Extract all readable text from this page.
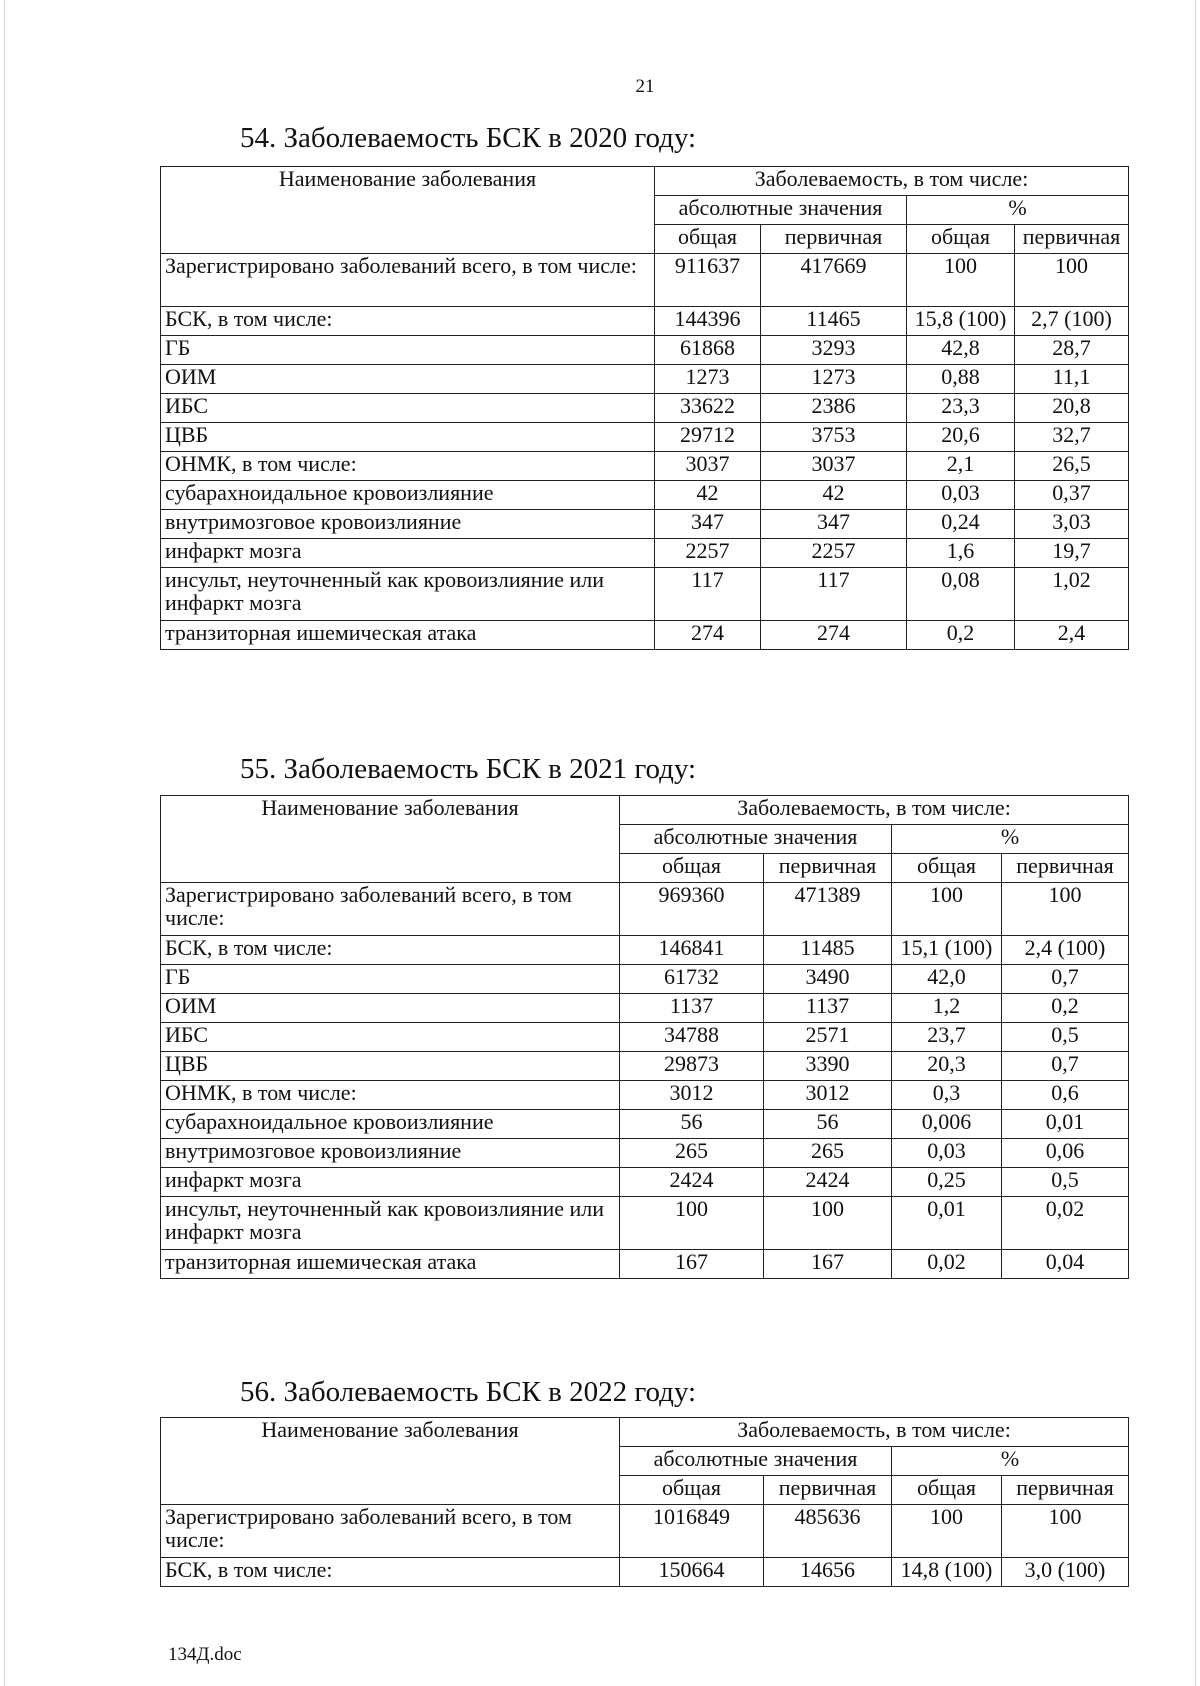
21
54. Заболеваемость БСК в 2020 году:
Наименование заболевания	Заболеваемость, в том числе:			
	абсолютные значения		%	
	общая	первичная	общая	первичная
Зарегистрировано заболеваний всего, в том числе:	911637	417669	100	100
БСК, в том числе:	144396	11465	15,8 (100)	2,7 (100)
ГБ	61868	3293	42,8	28,7
ОИМ	1273	1273	0,88	11,1
ИБС	33622	2386	23,3	20,8
ЦВБ	29712	3753	20,6	32,7
ОНМК, в том числе:	3037	3037	2,1	26,5
субарахноидальное кровоизлияние	42	42	0,03	0,37
внутримозговое кровоизлияние	347	347	0,24	3,03
инфаркт мозга	2257	2257	1,6	19,7
инсульт, неуточненный как кровоизлияние или инфаркт мозга	117	117	0,08	1,02
транзиторная ишемическая атака	274	274	0,2	2,4
55. Заболеваемость БСК в 2021 году:
Наименование заболевания	Заболеваемость, в том числе:			
	абсолютные значения		%	
	общая	первичная	общая	первичная
Зарегистрировано заболеваний всего, в том числе:	969360	471389	100	100
БСК, в том числе:	146841	11485	15,1 (100)	2,4 (100)
ГБ	61732	3490	42,0	0,7
ОИМ	1137	1137	1,2	0,2
ИБС	34788	2571	23,7	0,5
ЦВБ	29873	3390	20,3	0,7
ОНМК, в том числе:	3012	3012	0,3	0,6
субарахноидальное кровоизлияние	56	56	0,006	0,01
внутримозговое кровоизлияние	265	265	0,03	0,06
инфаркт мозга	2424	2424	0,25	0,5
инсульт, неуточненный как кровоизлияние или инфаркт мозга	100	100	0,01	0,02
транзиторная ишемическая атака	167	167	0,02	0,04
56. Заболеваемость БСК в 2022 году:
Наименование заболевания	Заболеваемость, в том числе:			
	абсолютные значения		%	
	общая	первичная	общая	первичная
Зарегистрировано заболеваний всего, в том числе:	1016849	485636	100	100
БСК, в том числе:	150664	14656	14,8 (100)	3,0 (100)
134Д.doc
